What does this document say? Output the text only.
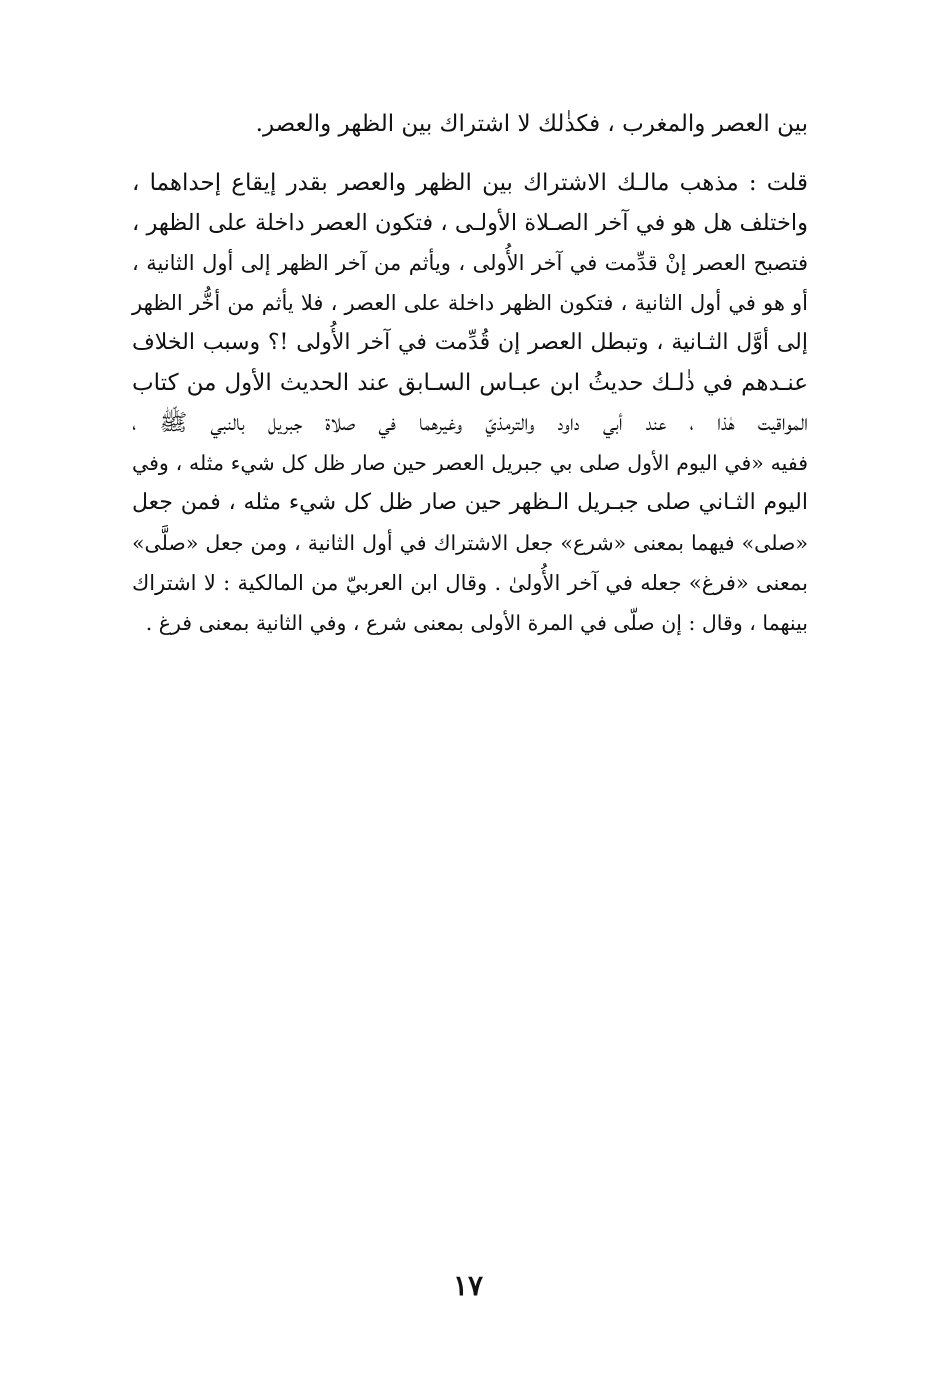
بين العصر والمغرب ، فكذٰلك لا اشتراك بين الظهر والعصر.
قلت : مذهب مالـك الاشتراك بين الظهر والعصر بقدر إيقاع إحداهما ،
واختلف هل هو في آخر الصـلاة الأولـى ، فتكون العصر داخلة على الظهر ،
فتصبح العصر إنْ قدِّمت في آخر الأُولى ، ويأثم من آخر الظهر إلى أول الثانية ،
أو هو في أول الثانية ، فتكون الظهر داخلة على العصر ، فلا يأثم من أخُّر الظهر
إلى أوَّل الثـانية ، وتبطل العصر إن قُدِّمت في آخر الأُولى !؟ وسبب الخلاف
عنـدهم في ذٰلـك حديثُ ابن عبـاس السـابق عند الحديث الأول من كتاب
المواقيت هٰذا ، عند أبي داود والترمذيّ وغيرهما في صلاة جبريل بالنبي ﷺ ،
ففيه «في اليوم الأول صلى بي جبريل العصر حين صار ظل كل شيء مثله ، وفي
اليوم الثـاني صلى جبـريل الـظهر حين صار ظل كل شيء مثله ، فمن جعل
«صلى» فيهما بمعنى «شرع» جعل الاشتراك في أول الثانية ، ومن جعل «صلَّى»
بمعنى «فرغ» جعله في آخر الأُولىٰ . وقال ابن العربيّ من المالكية : لا اشتراك
بينهما ، وقال : إن صلّى في المرة الأولى بمعنى شرع ، وفي الثانية بمعنى فرغ .
١٧
